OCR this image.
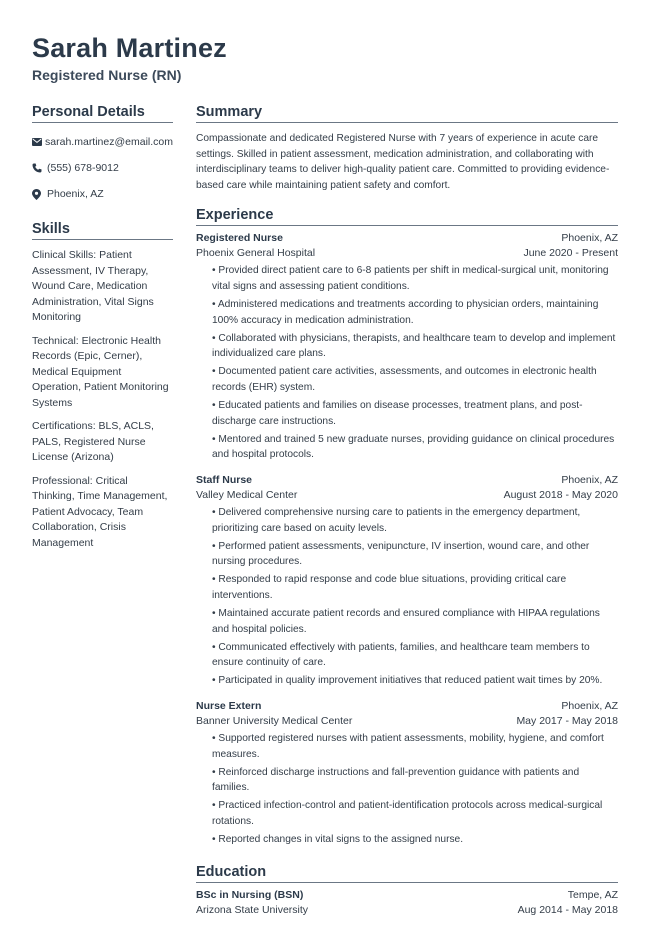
Sarah Martinez
Registered Nurse (RN)
Personal Details
sarah.martinez@email.com
(555) 678-9012
Phoenix, AZ
Skills
Clinical Skills: Patient Assessment, IV Therapy, Wound Care, Medication Administration, Vital Signs Monitoring
Technical: Electronic Health Records (Epic, Cerner), Medical Equipment Operation, Patient Monitoring Systems
Certifications: BLS, ACLS, PALS, Registered Nurse License (Arizona)
Professional: Critical Thinking, Time Management, Patient Advocacy, Team Collaboration, Crisis Management
Summary

Compassionate and dedicated Registered Nurse with 7 years of experience in acute care settings. Skilled in patient assessment, medication administration, and collaborating with interdisciplinary teams to deliver high-quality patient care. Committed to providing evidence-based care while maintaining patient safety and comfort.

Experience
Registered Nurse	Phoenix, AZ
Phoenix General Hospital	June 2020 - Present
• Provided direct patient care to 6-8 patients per shift in medical-surgical unit, monitoring vital signs and assessing patient conditions.
• Administered medications and treatments according to physician orders, maintaining 100% accuracy in medication administration.
• Collaborated with physicians, therapists, and healthcare team to develop and implement individualized care plans.
• Documented patient care activities, assessments, and outcomes in electronic health records (EHR) system.
• Educated patients and families on disease processes, treatment plans, and post-discharge care instructions.
• Mentored and trained 5 new graduate nurses, providing guidance on clinical procedures and hospital protocols.
Staff Nurse	Phoenix, AZ
Valley Medical Center	August 2018 - May 2020
• Delivered comprehensive nursing care to patients in the emergency department, prioritizing care based on acuity levels.
• Performed patient assessments, venipuncture, IV insertion, wound care, and other nursing procedures.
• Responded to rapid response and code blue situations, providing critical care interventions.
• Maintained accurate patient records and ensured compliance with HIPAA regulations and hospital policies.
• Communicated effectively with patients, families, and healthcare team members to ensure continuity of care.
• Participated in quality improvement initiatives that reduced patient wait times by 20%.
Nurse Extern	Phoenix, AZ
Banner University Medical Center	May 2017 - May 2018
• Supported registered nurses with patient assessments, mobility, hygiene, and comfort measures.
• Reinforced discharge instructions and fall-prevention guidance with patients and families.
• Practiced infection-control and patient-identification protocols across medical-surgical rotations.
• Reported changes in vital signs to the assigned nurse.
Education
BSc in Nursing (BSN)	Tempe, AZ
Arizona State University	Aug 2014 - May 2018
